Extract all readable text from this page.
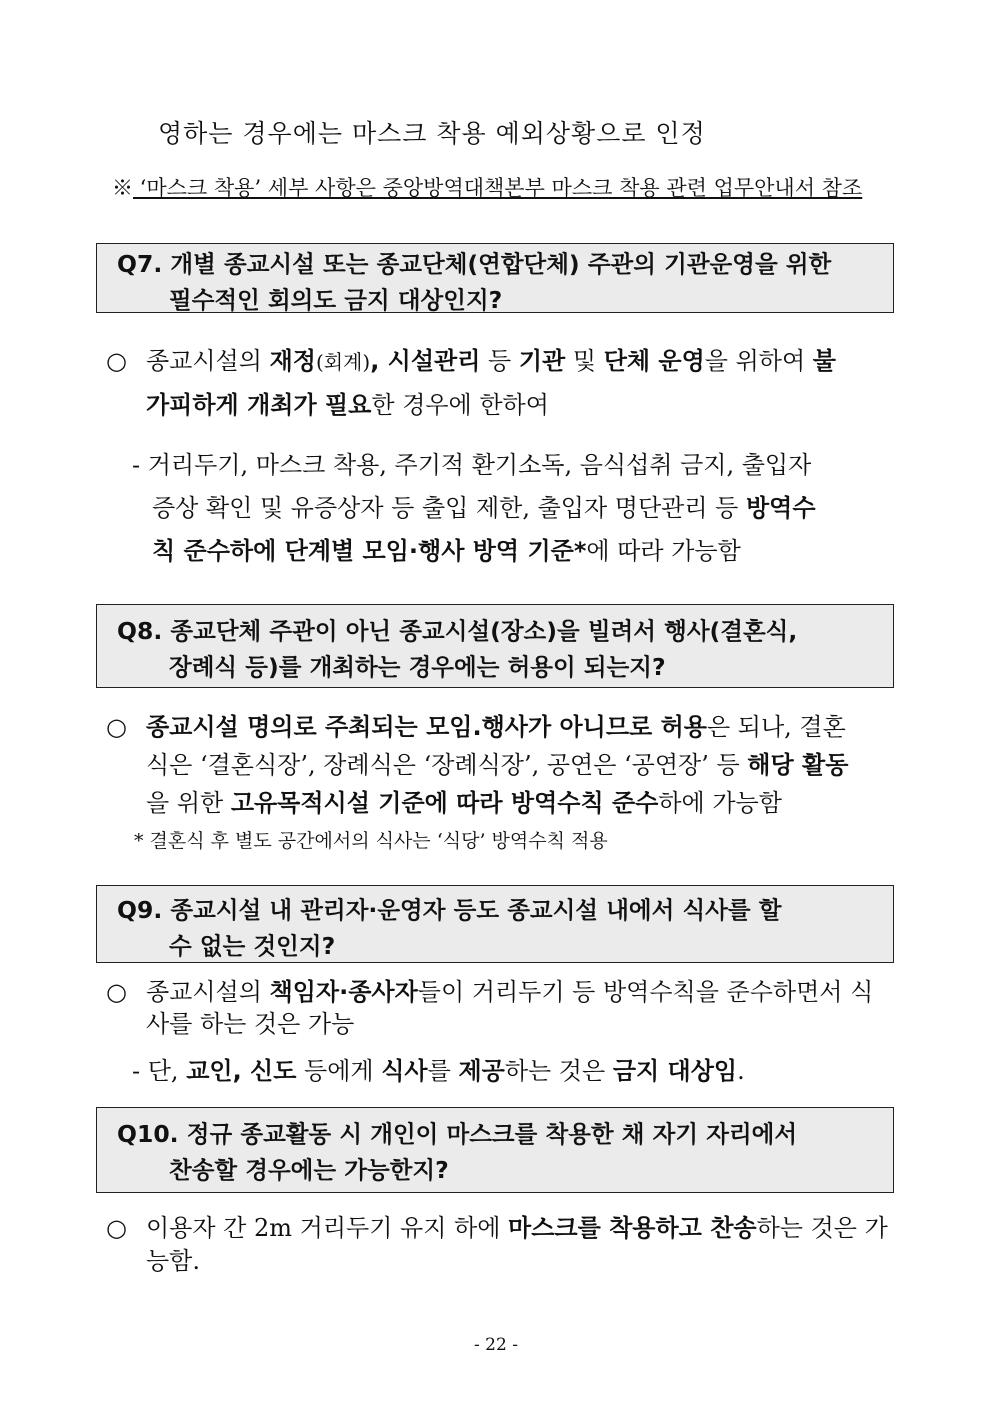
영하는 경우에는 마스크 착용 예외상황으로 인정
※ ‘마스크 착용’ 세부 사항은 중앙방역대책본부 마스크 착용 관련 업무안내서 참조
Q7. 개별 종교시설 또는 종교단체(연합단체) 주관의 기관운영을 위한
필수적인 회의도 금지 대상인지?
○ 종교시설의 재정(회계), 시설관리 등 기관 및 단체 운영을 위하여 불
가피하게 개최가 필요한 경우에 한하여
- 거리두기, 마스크 착용, 주기적 환기소독, 음식섭취 금지, 출입자
증상 확인 및 유증상자 등 출입 제한, 출입자 명단관리 등 방역수
칙 준수하에 단계별 모임·행사 방역 기준*에 따라 가능함
Q8. 종교단체 주관이 아닌 종교시설(장소)을 빌려서 행사(결혼식,
장례식 등)를 개최하는 경우에는 허용이 되는지?
○ 종교시설 명의로 주최되는 모임.행사가 아니므로 허용은 되나, 결혼
식은 ‘결혼식장’, 장례식은 ‘장례식장’, 공연은 ‘공연장’ 등 해당 활동
을 위한 고유목적시설 기준에 따라 방역수칙 준수하에 가능함
* 결혼식 후 별도 공간에서의 식사는 ‘식당’ 방역수칙 적용
Q9. 종교시설 내 관리자·운영자 등도 종교시설 내에서 식사를 할
수 없는 것인지?
○ 종교시설의 책임자·종사자들이 거리두기 등 방역수칙을 준수하면서 식
사를 하는 것은 가능
- 단, 교인, 신도 등에게 식사를 제공하는 것은 금지 대상임.
Q10. 정규 종교활동 시 개인이 마스크를 착용한 채 자기 자리에서
찬송할 경우에는 가능한지?
○ 이용자 간 2m 거리두기 유지 하에 마스크를 착용하고 찬송하는 것은 가
능함.
- 22 -
